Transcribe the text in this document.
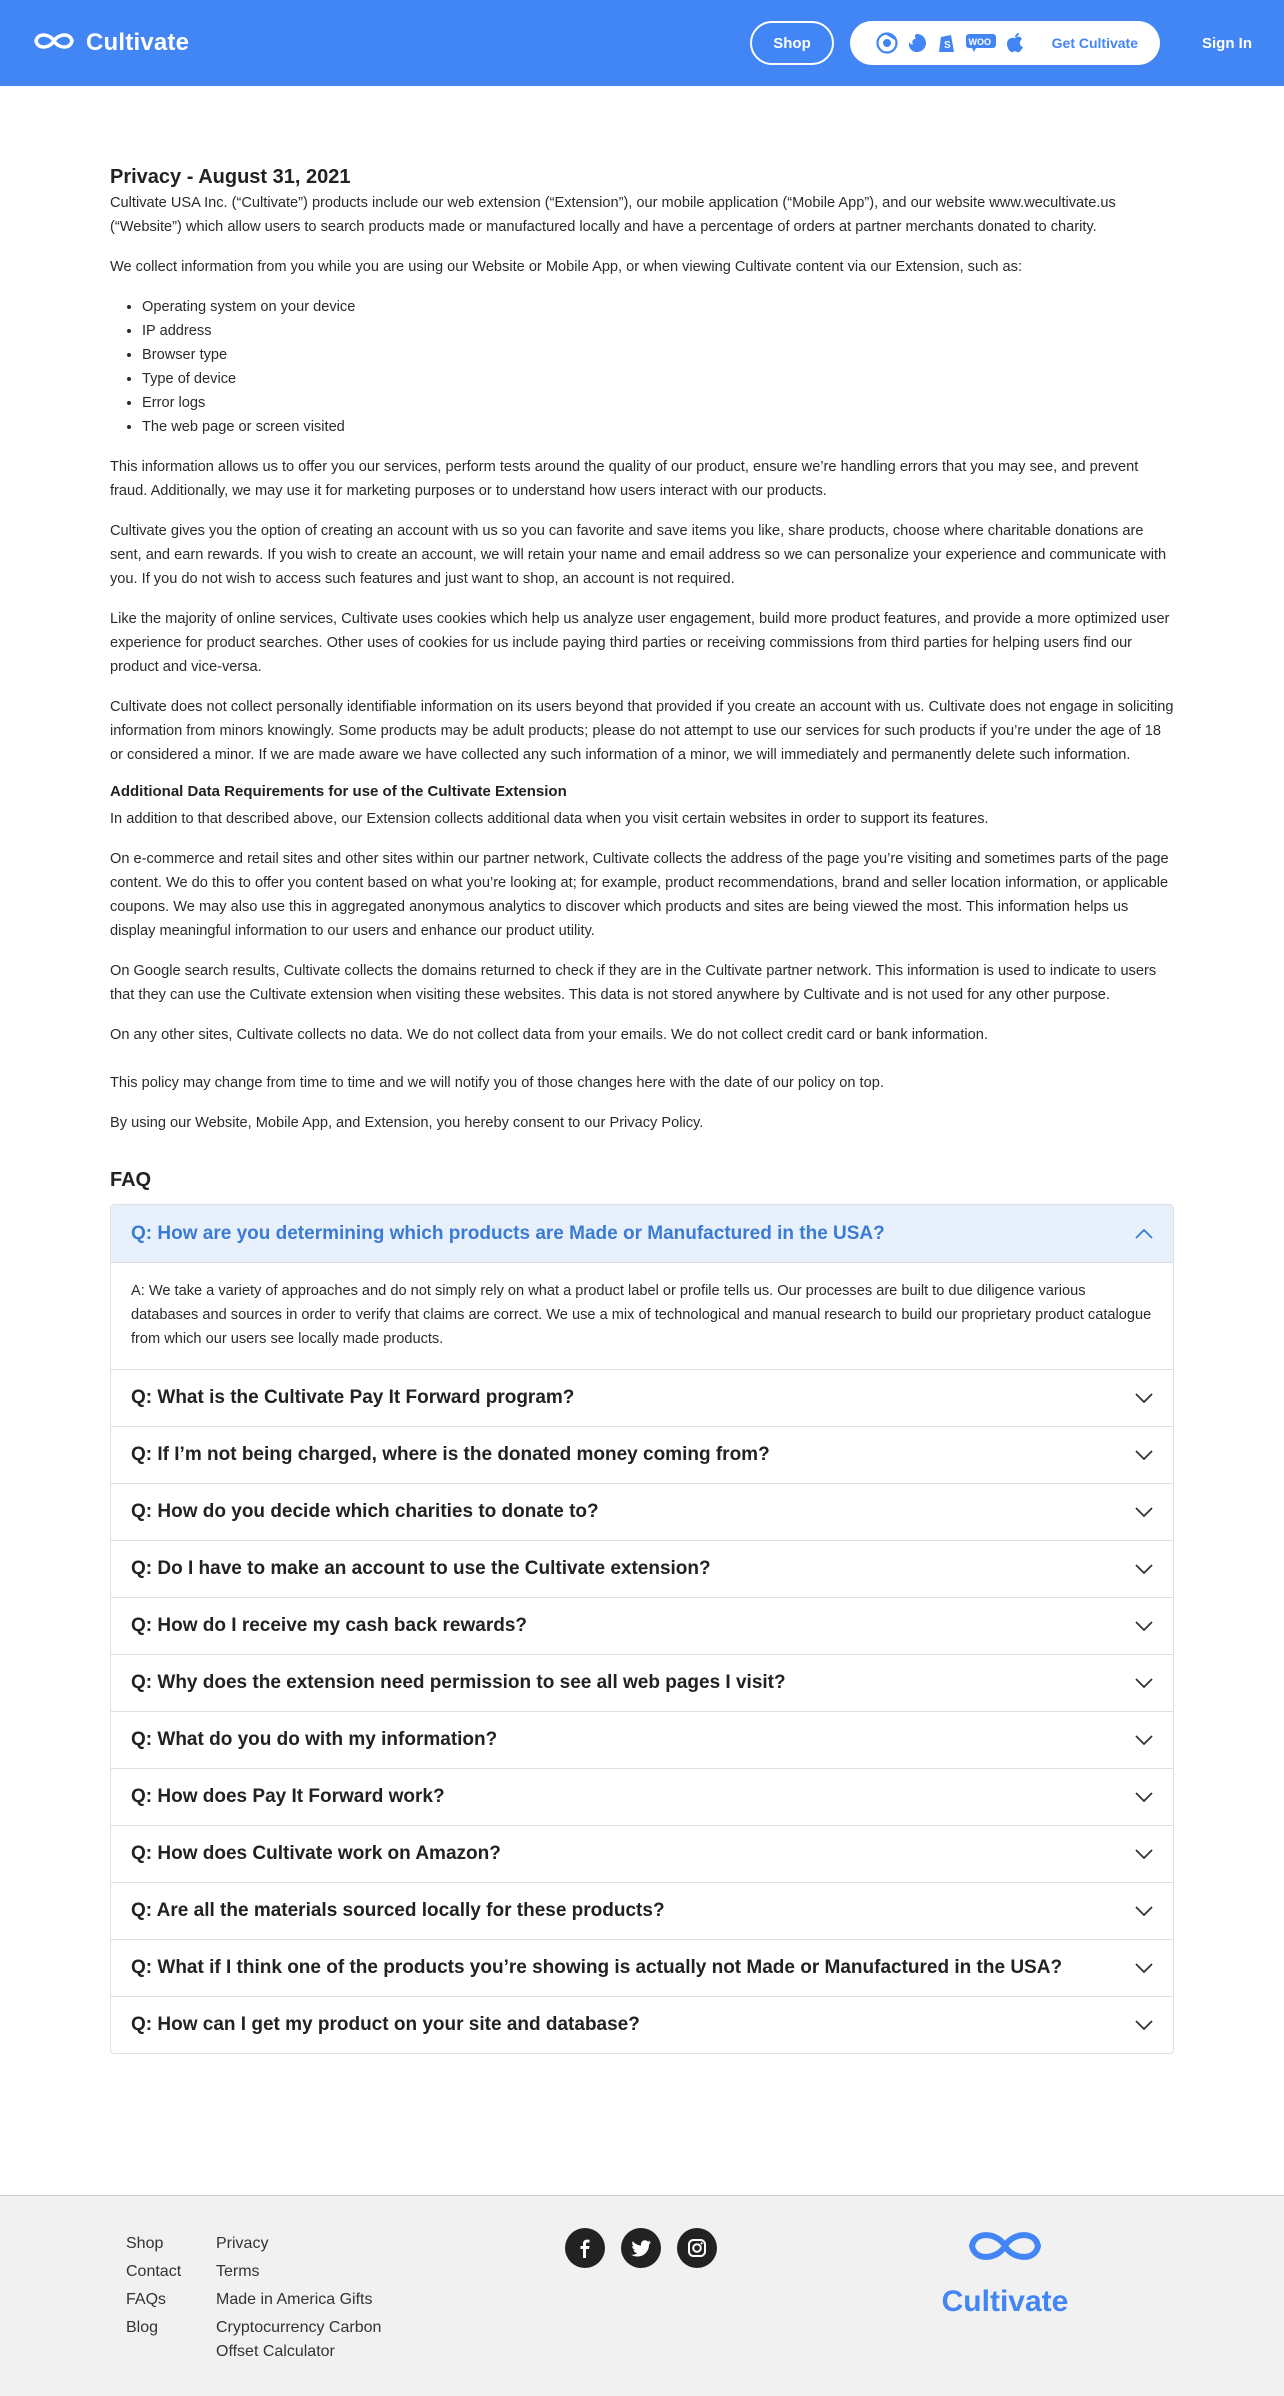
Cultivate	Shop	S WOO	Get Cultivate	Sign In
Privacy - August 31, 2021

Cultivate USA Inc. (“Cultivate”) products include our web extension (“Extension”), our mobile application (“Mobile App”), and our website www.wecultivate.us (“Website”) which allow users to search products made or manufactured locally and have a percentage of orders at partner merchants donated to charity.

We collect information from you while you are using our Website or Mobile App, or when viewing Cultivate content via our Extension, such as:

• Operating system on your device
• IP address
• Browser type
• Type of device
• Error logs
• The web page or screen visited

This information allows us to offer you our services, perform tests around the quality of our product, ensure we’re handling errors that you may see, and prevent fraud. Additionally, we may use it for marketing purposes or to understand how users interact with our products.

Cultivate gives you the option of creating an account with us so you can favorite and save items you like, share products, choose where charitable donations are sent, and earn rewards. If you wish to create an account, we will retain your name and email address so we can personalize your experience and communicate with you. If you do not wish to access such features and just want to shop, an account is not required.

Like the majority of online services, Cultivate uses cookies which help us analyze user engagement, build more product features, and provide a more optimized user experience for product searches. Other uses of cookies for us include paying third parties or receiving commissions from third parties for helping users find our product and vice-versa.

Cultivate does not collect personally identifiable information on its users beyond that provided if you create an account with us. Cultivate does not engage in soliciting information from minors knowingly. Some products may be adult products; please do not attempt to use our services for such products if you’re under the age of 18 or considered a minor. If we are made aware we have collected any such information of a minor, we will immediately and permanently delete such information.

Additional Data Requirements for use of the Cultivate Extension

In addition to that described above, our Extension collects additional data when you visit certain websites in order to support its features.

On e-commerce and retail sites and other sites within our partner network, Cultivate collects the address of the page you’re visiting and sometimes parts of the page content. We do this to offer you content based on what you’re looking at; for example, product recommendations, brand and seller location information, or applicable coupons. We may also use this in aggregated anonymous analytics to discover which products and sites are being viewed the most. This information helps us display meaningful information to our users and enhance our product utility.

On Google search results, Cultivate collects the domains returned to check if they are in the Cultivate partner network. This information is used to indicate to users that they can use the Cultivate extension when visiting these websites. This data is not stored anywhere by Cultivate and is not used for any other purpose.

On any other sites, Cultivate collects no data. We do not collect data from your emails. We do not collect credit card or bank information.

This policy may change from time to time and we will notify you of those changes here with the date of our policy on top.

By using our Website, Mobile App, and Extension, you hereby consent to our Privacy Policy.

FAQ
Q: How are you determining which products are Made or Manufactured in the USA?
A: We take a variety of approaches and do not simply rely on what a product label or profile tells us. Our processes are built to due diligence various databases and sources in order to verify that claims are correct. We use a mix of technological and manual research to build our proprietary product catalogue from which our users see locally made products.
Q: What is the Cultivate Pay It Forward program?
Q: If I’m not being charged, where is the donated money coming from?
Q: How do you decide which charities to donate to?
Q: Do I have to make an account to use the Cultivate extension?
Q: How do I receive my cash back rewards?
Q: Why does the extension need permission to see all web pages I visit?
Q: What do you do with my information?
Q: How does Pay It Forward work?
Q: How does Cultivate work on Amazon?
Q: Are all the materials sourced locally for these products?
Q: What if I think one of the products you’re showing is actually not Made or Manufactured in the USA?
Q: How can I get my product on your site and database?
Shop
Contact
FAQs
Blog
Privacy
Terms
Made in America Gifts
Cryptocurrency Carbon
Offset Calculator
Cultivate
